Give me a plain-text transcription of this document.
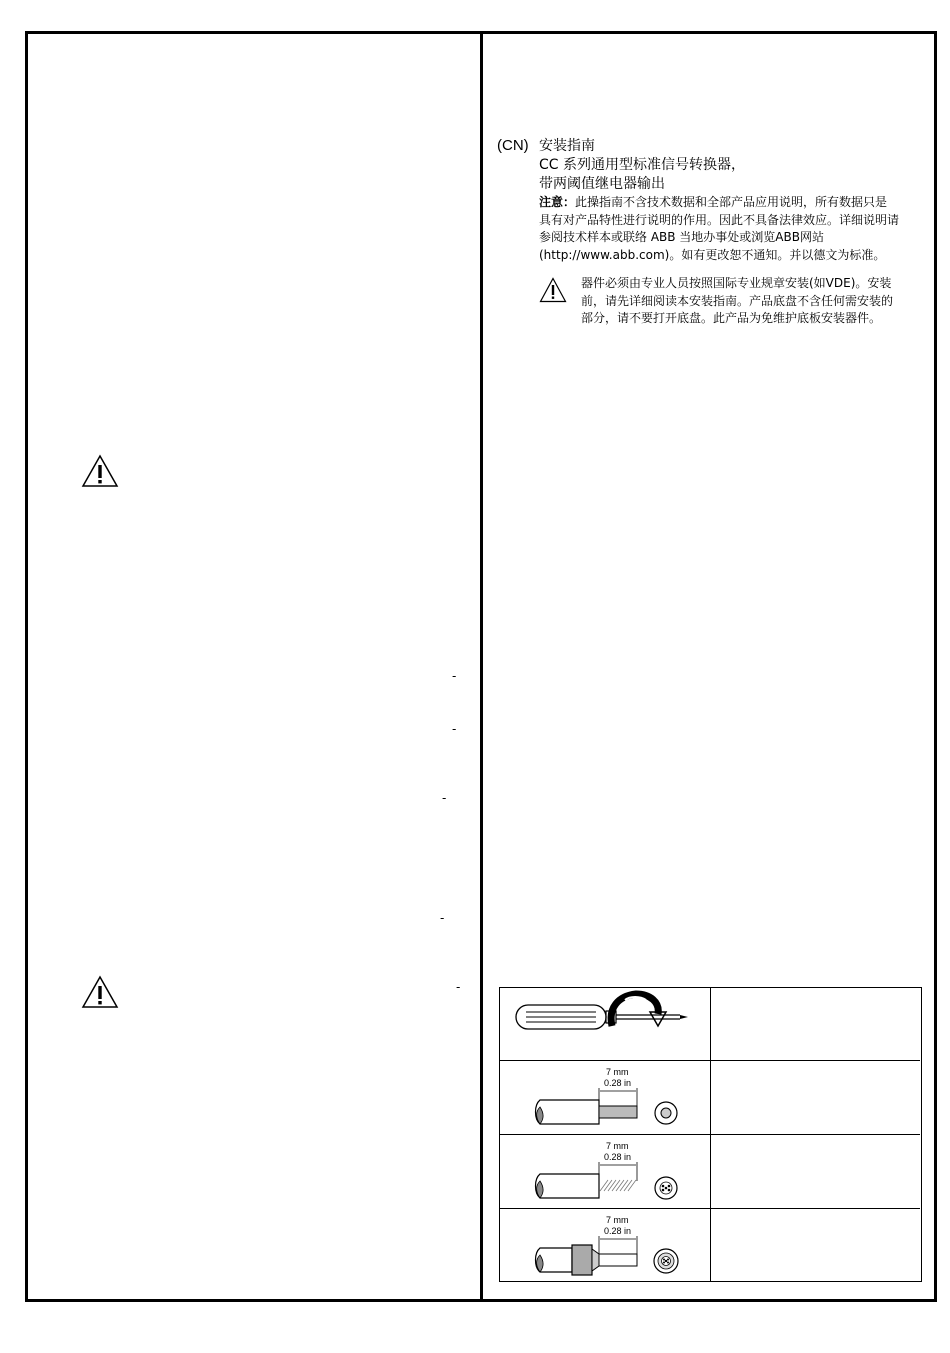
-
-
-
-
-
(CN) 安装指南
CC 系列通用型标准信号转换器，
带两阈值继电器输出
注意：此操指南不含技术数据和全部产品应用说明，所有数据只是具有对产品特性进行说明的作用。因此不具备法律效应。详细说明请参阅技术样本或联络 ABB 当地办事处或浏览ABB网站 (http://www.abb.com)。如有更改恕不通知。并以德文为标准。
器件必须由专业人员按照国际专业规章安装(如VDE)。安装前，请先详细阅读本安装指南。产品底盘不含任何需安装的部分，请不要打开底盘。此产品为免维护底板安装器件。
7 mm
0.28 in
7 mm
0.28 in
7 mm
0.28 in
